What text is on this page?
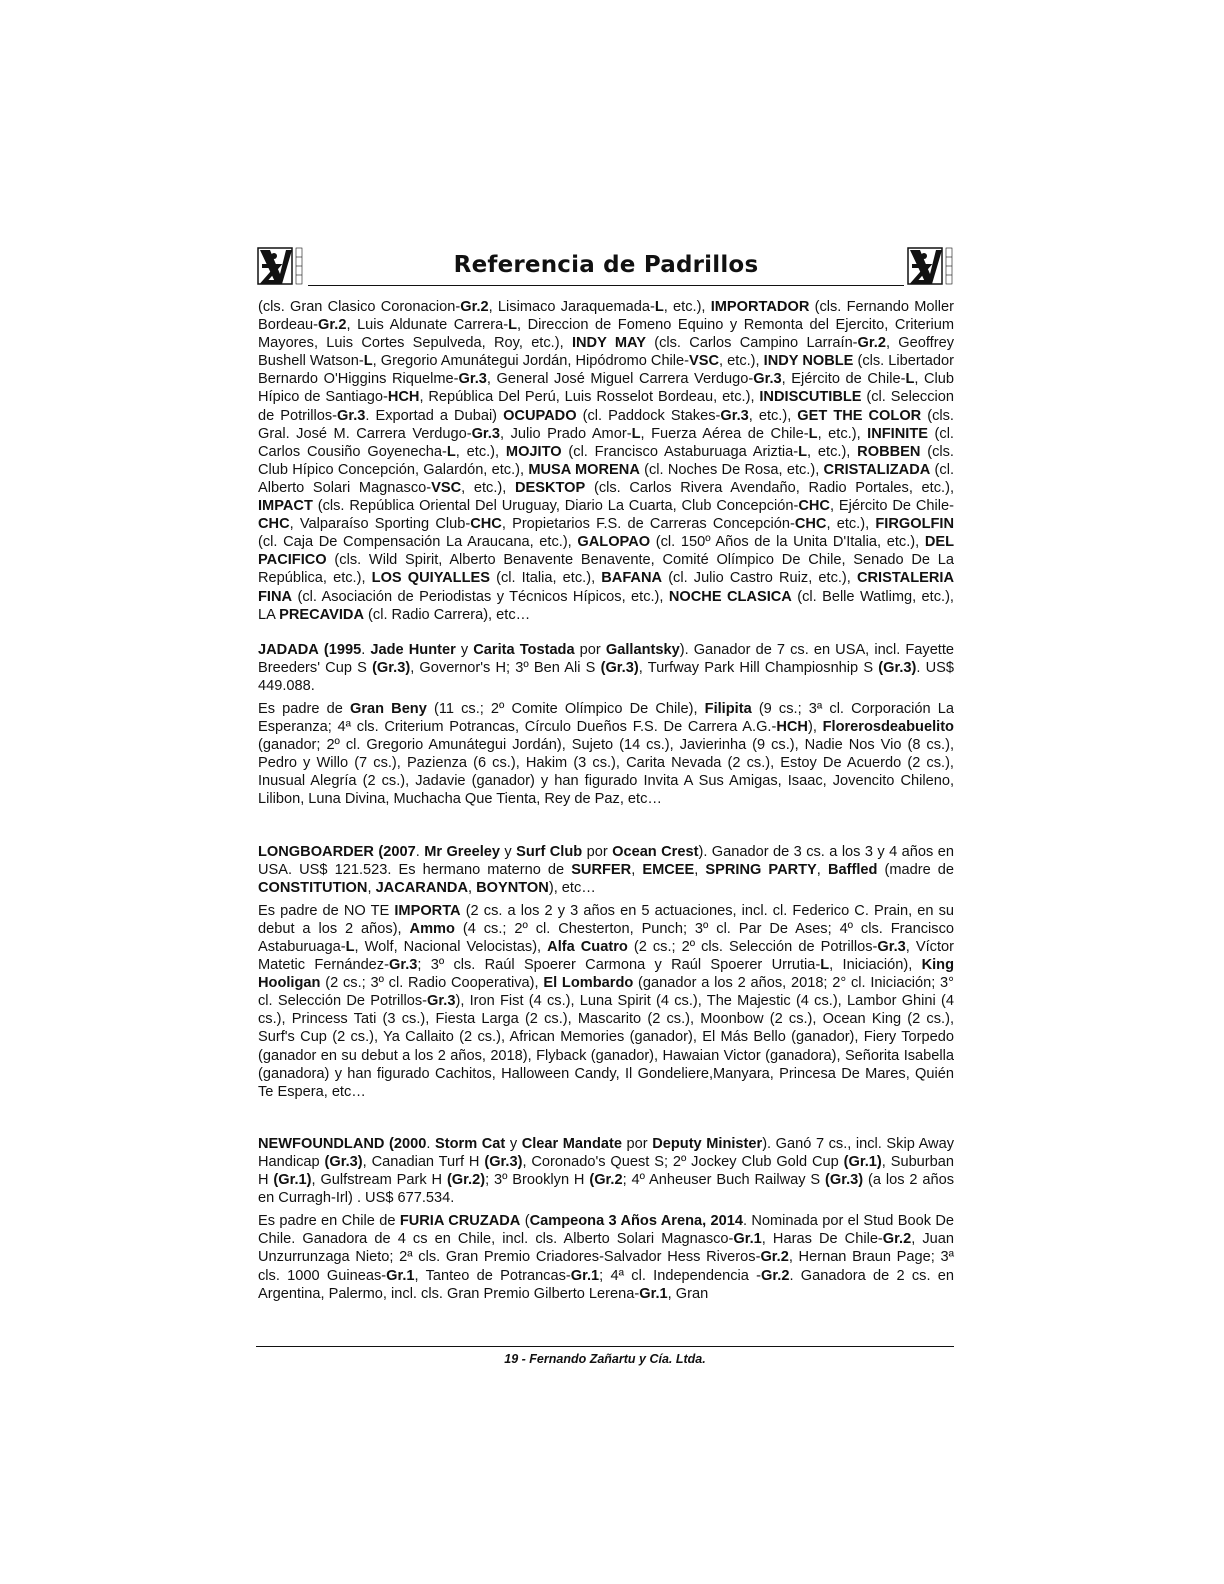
Referencia de Padrillos

(cls. Gran Clasico Coronacion-Gr.2, Lisimaco Jaraquemada-L, etc.), IMPORTADOR (cls. Fernando Moller Bordeau-Gr.2, Luis Aldunate Carrera-L, Direccion de Fomeno Equino y Remonta del Ejercito, Criterium Mayores, Luis Cortes Sepulveda, Roy, etc.), INDY MAY (cls. Carlos Campino Larraín-Gr.2, Geoffrey Bushell Watson-L, Gregorio Amunátegui Jordán, Hipódromo Chile-VSC, etc.), INDY NOBLE (cls. Libertador Bernardo O'Higgins Riquelme-Gr.3, General José Miguel Carrera Verdugo-Gr.3, Ejército de Chile-L, Club Hípico de Santiago-HCH, República Del Perú, Luis Rosselot Bordeau, etc.), INDISCUTIBLE (cl. Seleccion de Potrillos-Gr.3. Exportad a Dubai) OCUPADO (cl. Paddock Stakes-Gr.3, etc.), GET THE COLOR (cls. Gral. José M. Carrera Verdugo-Gr.3, Julio Prado Amor-L, Fuerza Aérea de Chile-L, etc.), INFINITE (cl. Carlos Cousiño Goyenecha-L, etc.), MOJITO (cl. Francisco Astaburuaga Ariztia-L, etc.), ROBBEN (cls. Club Hípico Concepción, Galardón, etc.), MUSA MORENA (cl. Noches De Rosa, etc.), CRISTALIZADA (cl. Alberto Solari Magnasco-VSC, etc.), DESKTOP (cls. Carlos Rivera Avendaño, Radio Portales, etc.), IMPACT (cls. República Oriental Del Uruguay, Diario La Cuarta, Club Concepción-CHC, Ejército De Chile-CHC, Valparaíso Sporting Club-CHC, Propietarios F.S. de Carreras Concepción-CHC, etc.), FIRGOLFIN (cl. Caja De Compensación La Araucana, etc.), GALOPAO (cl. 150º Años de la Unita D'Italia, etc.), DEL PACIFICO (cls. Wild Spirit, Alberto Benavente Benavente, Comité Olímpico De Chile, Senado De La República, etc.), LOS QUIYALLES (cl. Italia, etc.), BAFANA (cl. Julio Castro Ruiz, etc.), CRISTALERIA FINA (cl. Asociación de Periodistas y Técnicos Hípicos, etc.), NOCHE CLASICA (cl. Belle Watlimg, etc.), LA PRECAVIDA (cl. Radio Carrera), etc…

JADADA (1995. Jade Hunter y Carita Tostada por Gallantsky). Ganador de 7 cs. en USA, incl. Fayette Breeders' Cup S (Gr.3), Governor's H; 3º Ben Ali S (Gr.3), Turfway Park Hill Champiosnhip S (Gr.3). US$ 449.088.

Es padre de Gran Beny (11 cs.; 2º Comite Olímpico De Chile), Filipita (9 cs.; 3ª cl. Corporación La Esperanza; 4ª cls. Criterium Potrancas, Círculo Dueños F.S. De Carrera A.G.-HCH), Florerosdeabuelito (ganador; 2º cl. Gregorio Amunátegui Jordán), Sujeto (14 cs.), Javierinha (9 cs.), Nadie Nos Vio (8 cs.), Pedro y Willo (7 cs.), Pazienza (6 cs.), Hakim (3 cs.), Carita Nevada (2 cs.), Estoy De Acuerdo (2 cs.), Inusual Alegría (2 cs.), Jadavie (ganador) y han figurado Invita A Sus Amigas, Isaac, Jovencito Chileno, Lilibon, Luna Divina, Muchacha Que Tienta, Rey de Paz, etc…

LONGBOARDER (2007. Mr Greeley y Surf Club por Ocean Crest). Ganador de 3 cs. a los 3 y 4 años en USA. US$ 121.523. Es hermano materno de SURFER, EMCEE, SPRING PARTY, Baffled (madre de CONSTITUTION, JACARANDA, BOYNTON), etc…

Es padre de NO TE IMPORTA (2 cs. a los 2 y 3 años en 5 actuaciones, incl. cl. Federico C. Prain, en su debut a los 2 años), Ammo (4 cs.; 2º cl. Chesterton, Punch; 3º cl. Par De Ases; 4º cls. Francisco Astaburuaga-L, Wolf, Nacional Velocistas), Alfa Cuatro (2 cs.; 2º cls. Selección de Potrillos-Gr.3, Víctor Matetic Fernández-Gr.3; 3º cls. Raúl Spoerer Carmona y Raúl Spoerer Urrutia-L, Iniciación), King Hooligan (2 cs.; 3º cl. Radio Cooperativa), El Lombardo (ganador a los 2 años, 2018; 2° cl. Iniciación; 3° cl. Selección De Potrillos-Gr.3), Iron Fist (4 cs.), Luna Spirit (4 cs.), The Majestic (4 cs.), Lambor Ghini (4 cs.), Princess Tati (3 cs.), Fiesta Larga (2 cs.), Mascarito (2 cs.), Moonbow (2 cs.), Ocean King (2 cs.), Surf's Cup (2 cs.), Ya Callaito (2 cs.), African Memories (ganador), El Más Bello (ganador), Fiery Torpedo (ganador en su debut a los 2 años, 2018), Flyback (ganador), Hawaian Victor (ganadora), Señorita Isabella (ganadora) y han figurado Cachitos, Halloween Candy, Il Gondeliere,Manyara, Princesa De Mares, Quién Te Espera, etc…

NEWFOUNDLAND (2000. Storm Cat y Clear Mandate por Deputy Minister). Ganó 7 cs., incl. Skip Away Handicap (Gr.3), Canadian Turf H (Gr.3), Coronado's Quest S; 2º Jockey Club Gold Cup (Gr.1), Suburban H (Gr.1), Gulfstream Park H (Gr.2); 3º Brooklyn H (Gr.2; 4º Anheuser Buch Railway S (Gr.3) (a los 2 años en Curragh-Irl) . US$ 677.534.

Es padre en Chile de FURIA CRUZADA (Campeona 3 Años Arena, 2014. Nominada por el Stud Book De Chile. Ganadora de 4 cs en Chile, incl. cls. Alberto Solari Magnasco-Gr.1, Haras De Chile-Gr.2, Juan Unzurrunzaga Nieto; 2ª cls. Gran Premio Criadores-Salvador Hess Riveros-Gr.2, Hernan Braun Page; 3ª cls. 1000 Guineas-Gr.1, Tanteo de Potrancas-Gr.1; 4ª cl. Independencia -Gr.2. Ganadora de 2 cs. en Argentina, Palermo, incl. cls. Gran Premio Gilberto Lerena-Gr.1, Gran

19 - Fernando Zañartu y Cía. Ltda.
